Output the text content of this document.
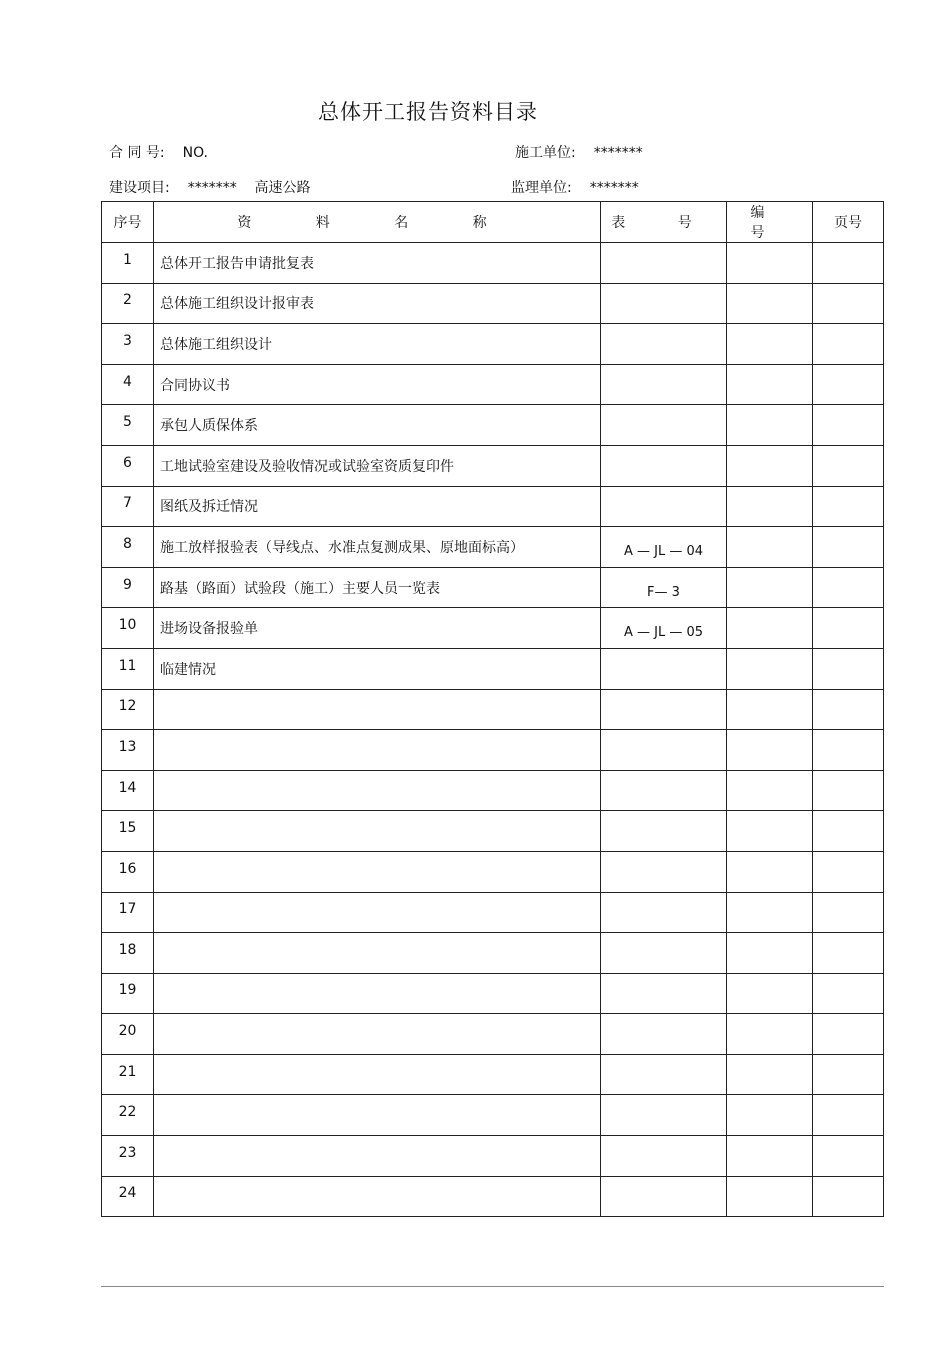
总体开工报告资料目录
合 同 号: NO.	施工单位: *******
建设项目: *******    高速公路	监理单位: *******
序号	资 料 名 称	表 号	编 号	页号
1	总体开工报告申请批复表			
2	总体施工组织设计报审表			
3	总体施工组织设计			
4	合同协议书			
5	承包人质保体系			
6	工地试验室建设及验收情况或试验室资质复印件			
7	图纸及拆迁情况			
8	施工放样报验表（导线点、水准点复测成果、原地面标高）	A — JL — 04		
9	路基（路面）试验段（施工）主要人员一览表	F— 3		
10	进场设备报验单	A — JL — 05		
11	临建情况			
12				
13				
14				
15				
16				
17				
18				
19				
20				
21				
22				
23				
24				
